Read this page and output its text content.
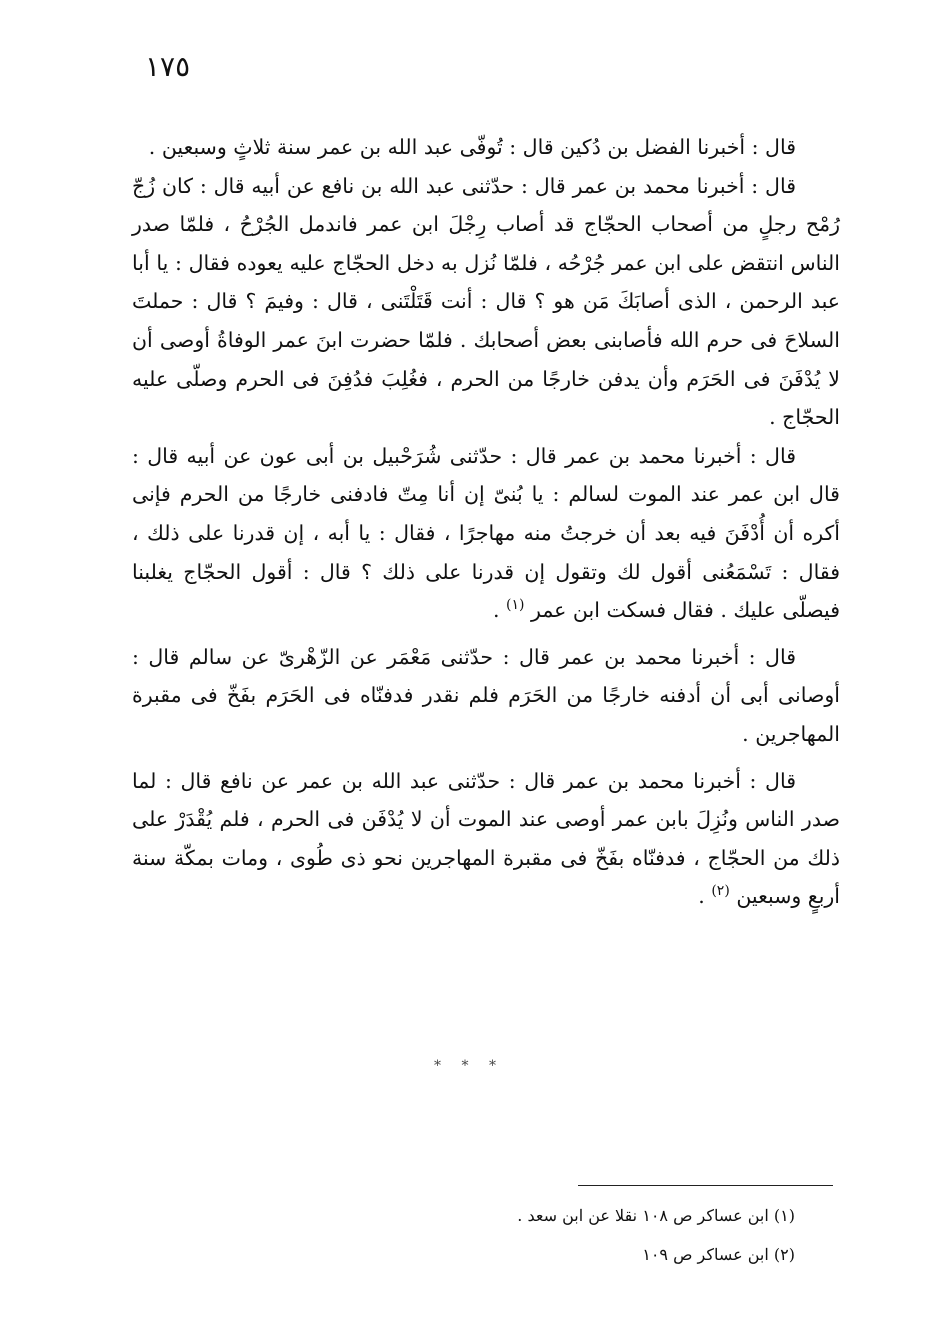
١٧٥

قال : أخبرنا الفضل بن دُكين قال : تُوفّى عبد الله بن عمر سنة ثلاثٍ وسبعين .

قال : أخبرنا محمد بن عمر قال : حدّثنى عبد الله بن نافع عن أبيه قال : كان زُجّ رُمْح رجلٍ من أصحاب الحجّاج قد أصاب رِجْلَ ابن عمر فاندمل الجُرْحُ ، فلمّا صدر الناس انتقض على ابن عمر جُرْحُه ، فلمّا نُزل به دخل الحجّاج عليه يعوده فقال : يا أبا عبد الرحمن ، الذى أصابَكَ مَن هو ؟ قال : أنت قَتَلْتَنى ، قال : وفيمَ ؟ قال : حملتَ السلاحَ فى حرم الله فأصابنى بعض أصحابك . فلمّا حضرت ابنَ عمر الوفاةُ أوصى أن لا يُدْفَنَ فى الحَرَم وأن يدفن خارجًا من الحرم ، فغُلِبَ فدُفِنَ فى الحرم وصلّى عليه الحجّاج .

قال : أخبرنا محمد بن عمر قال : حدّثنى شُرَحْبيل بن أبى عون عن أبيه قال : قال ابن عمر عند الموت لسالم : يا بُنىّ إن أنا مِتّ فادفنى خارجًا من الحرم فإنى أكره أن أُدْفَنَ فيه بعد أن خرجتُ منه مهاجرًا ، فقال : يا أبه ، إن قدرنا على ذلك ، فقال : تَسْمَعُنى أقول لك وتقول إن قدرنا على ذلك ؟ قال : أقول الحجّاج يغلبنا فيصلّى عليك . فقال فسكت ابن عمر $^{(١)}$ .

قال : أخبرنا محمد بن عمر قال : حدّثنى مَعْمَر عن الزّهْرىّ عن سالم قال : أوصانى أبى أن أدفنه خارجًا من الحَرَم فلم نقدر فدفنّاه فى الحَرَم بفَخّ فى مقبرة المهاجرين .

قال : أخبرنا محمد بن عمر قال : حدّثنى عبد الله بن عمر عن نافع قال : لما صدر الناس ونُزِلَ بابن عمر أوصى عند الموت أن لا يُدْفَن فى الحرم ، فلم يُقْدَرْ على ذلك من الحجّاج ، فدفنّاه بفَخّ فى مقبرة المهاجرين نحو ذى طُوى ، ومات بمكّة سنة أربعٍ وسبعين $^{(٢)}$ .

* * *
(١) ابن عساكر ص ١٠٨ نقلا عن ابن سعد .
(٢) ابن عساكر ص ١٠٩
